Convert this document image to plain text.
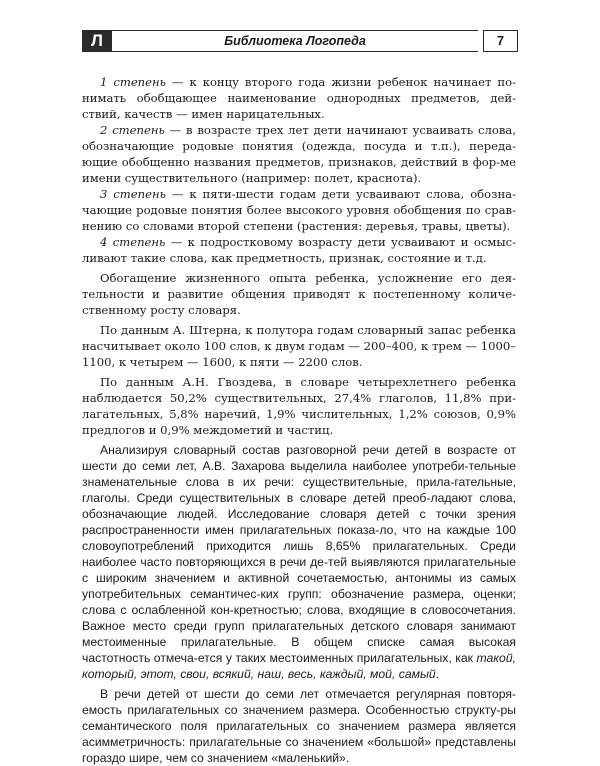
Л	Библиотека Логопеда	7

1 степень — к концу второго года жизни ребенок начинает по-нимать обобщающее наименование однородных предметов, дей-ствий, качеств — имен нарицательных.

2 степень — в возрасте трех лет дети начинают усваивать слова, обозначающие родовые понятия (одежда, посуда и т.п.), переда-ющие обобщенно названия предметов, признаков, действий в фор-ме имени существительного (например: полет, краснота).

3 степень — к пяти-шести годам дети усваивают слова, обозна-чающие родовые понятия более высокого уровня обобщения по срав-нению со словами второй степени (растения: деревья, травы, цветы).

4 степень — к подростковому возрасту дети усваивают и осмыс-ливают такие слова, как предметность, признак, состояние и т.д.

Обогащение жизненного опыта ребенка, усложнение его дея-тельности и развитие общения приводят к постепенному количе-ственному росту словаря.

По данным А. Штерна, к полутора годам словарный запас ребенка насчитывает около 100 слов, к двум годам — 200–400, к трем — 1000–1100, к четырем — 1600, к пяти — 2200 слов.

По данным А.Н. Гвоздева, в словаре четырехлетнего ребенка наблюдается 50,2% существительных, 27,4% глаголов, 11,8% при-лагательных, 5,8% наречий, 1,9% числительных, 1,2% союзов, 0,9% предлогов и 0,9% междометий и частиц.

Анализируя словарный состав разговорной речи детей в возрасте от шести до семи лет, А.В. Захарова выделила наиболее употреби-тельные знаменательные слова в их речи: существительные, прила-гательные, глаголы. Среди существительных в словаре детей преоб-ладают слова, обозначающие людей. Исследование словаря детей с точки зрения распространенности имен прилагательных показа-ло, что на каждые 100 словоупотреблений приходится лишь 8,65% прилагательных. Среди наиболее часто повторяющихся в речи де-тей выявляются прилагательные с широким значением и активной сочетаемостью, антонимы из самых употребительных семантичес-ких групп: обозначение размера, оценки; слова с ослабленной кон-кретностью; слова, входящие в словосочетания. Важное место среди групп прилагательных детского словаря занимают местоименные прилагательные. В общем списке самая высокая частотность отмеча-ется у таких местоименных прилагательных, как такой, который, этот, свои, всякий, наш, весь, каждый, мой, самый.

В речи детей от шести до семи лет отмечается регулярная повторя-емость прилагательных со значением размера. Особенностью структу-ры семантического поля прилагательных со значением размера является асимметричность: прилагательные со значением «большой» представлены гораздо шире, чем со значением «маленький».
